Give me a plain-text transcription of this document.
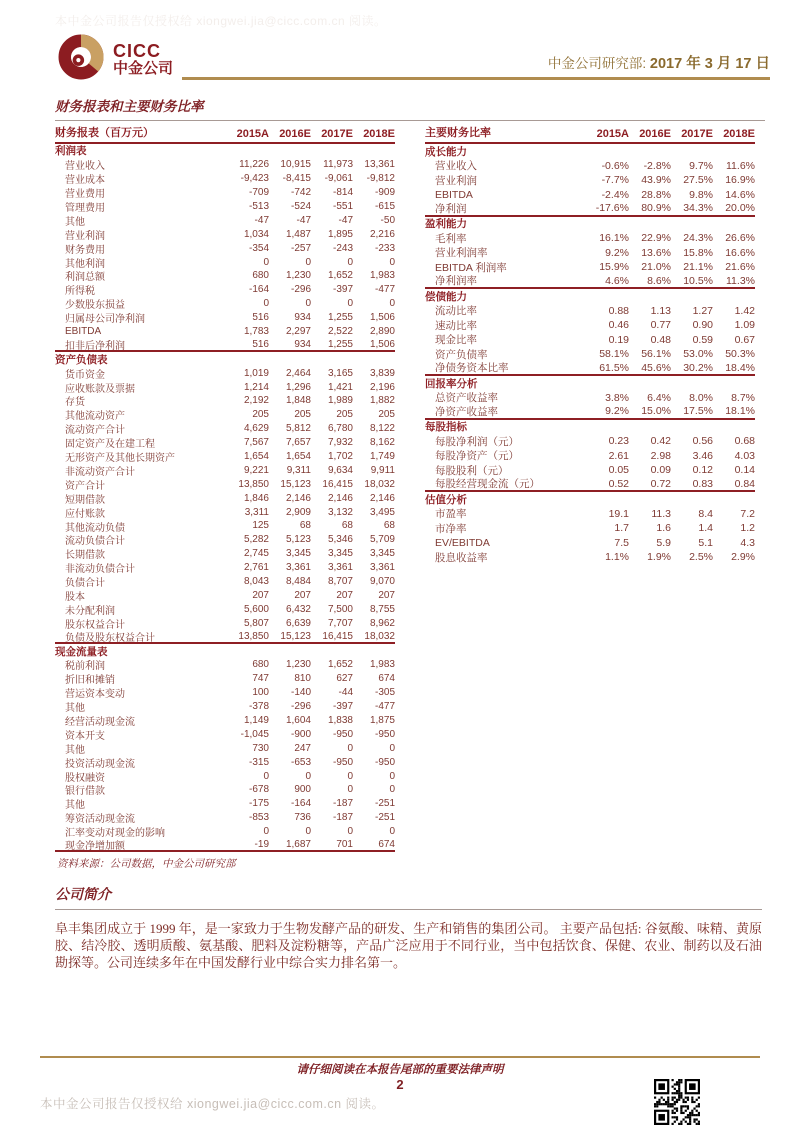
本中金公司报告仅授权给 xiongwei.jia@cicc.com.cn 阅读。
CICC
中金公司	中金公司研究部: 2017 年 3 月 17 日
财务报表和主要财务比率
财务报表（百万元）	2015A 2016E 2017E 2018E
利润表
营业收入	11,226	10,915	11,973	13,361
营业成本	-9,423	-8,415	-9,061	-9,812
营业费用	-709	-742	-814	-909
管理费用	-513	-524	-551	-615
其他	-47	-47	-47	-50
营业利润	1,034	1,487	1,895	2,216
财务费用	-354	-257	-243	-233
其他利润	0	0	0	0
利润总额	680	1,230	1,652	1,983
所得税	-164	-296	-397	-477
少数股东损益	0	0	0	0
归属母公司净利润	516	934	1,255	1,506
EBITDA	1,783	2,297	2,522	2,890
扣非后净利润	516	934	1,255	1,506
资产负债表
货币资金	1,019	2,464	3,165	3,839
应收账款及票据	1,214	1,296	1,421	2,196
存货	2,192	1,848	1,989	1,882
其他流动资产	205	205	205	205
流动资产合计	4,629	5,812	6,780	8,122
固定资产及在建工程	7,567	7,657	7,932	8,162
无形资产及其他长期资产	1,654	1,654	1,702	1,749
非流动资产合计	9,221	9,311	9,634	9,911
资产合计	13,850	15,123	16,415	18,032
短期借款	1,846	2,146	2,146	2,146
应付账款	3,311	2,909	3,132	3,495
其他流动负债	125	68	68	68
流动负债合计	5,282	5,123	5,346	5,709
长期借款	2,745	3,345	3,345	3,345
非流动负债合计	2,761	3,361	3,361	3,361
负债合计	8,043	8,484	8,707	9,070
股本	207	207	207	207
未分配利润	5,600	6,432	7,500	8,755
股东权益合计	5,807	6,639	7,707	8,962
负债及股东权益合计	13,850	15,123	16,415	18,032
现金流量表
税前利润	680	1,230	1,652	1,983
折旧和摊销	747	810	627	674
营运资本变动	100	-140	-44	-305
其他	-378	-296	-397	-477
经营活动现金流	1,149	1,604	1,838	1,875
资本开支	-1,045	-900	-950	-950
其他	730	247	0	0
投资活动现金流	-315	-653	-950	-950
股权融资	0	0	0	0
银行借款	-678	900	0	0
其他	-175	-164	-187	-251
筹资活动现金流	-853	736	-187	-251
汇率变动对现金的影响	0	0	0	0
现金净增加额	-19	1,687	701	674
主要财务比率	2015A 2016E 2017E 2018E
成长能力
营业收入	-0.6%	-2.8%	9.7%	11.6%
营业利润	-7.7%	43.9%	27.5%	16.9%
EBITDA	-2.4%	28.8%	9.8%	14.6%
净利润	-17.6%	80.9%	34.3%	20.0%
盈利能力
毛利率	16.1%	22.9%	24.3%	26.6%
营业利润率	9.2%	13.6%	15.8%	16.6%
EBITDA 利润率	15.9%	21.0%	21.1%	21.6%
净利润率	4.6%	8.6%	10.5%	11.3%
偿债能力
流动比率	0.88	1.13	1.27	1.42
速动比率	0.46	0.77	0.90	1.09
现金比率	0.19	0.48	0.59	0.67
资产负债率	58.1%	56.1%	53.0%	50.3%
净债务资本比率	61.5%	45.6%	30.2%	18.4%
回报率分析
总资产收益率	3.8%	6.4%	8.0%	8.7%
净资产收益率	9.2%	15.0%	17.5%	18.1%
每股指标
每股净利润（元）	0.23	0.42	0.56	0.68
每股净资产（元）	2.61	2.98	3.46	4.03
每股股利（元）	0.05	0.09	0.12	0.14
每股经营现金流（元）	0.52	0.72	0.83	0.84
估值分析
市盈率	19.1	11.3	8.4	7.2
市净率	1.7	1.6	1.4	1.2
EV/EBITDA	7.5	5.9	5.1	4.3
股息收益率	1.1%	1.9%	2.5%	2.9%
资料来源：公司数据，中金公司研究部
公司简介
阜丰集团成立于 1999 年，是一家致力于生物发酵产品的研发、生产和销售的集团公司。 主要产品包括: 谷氨酸、味精、黄原胶、结冷胶、透明质酸、氨基酸、肥料及淀粉糖等，产品广泛应用于不同行业，当中包括饮食、保健、农业、制药以及石油 勘探等。公司连续多年在中国发酵行业中综合实力排名第一。
请仔细阅读在本报告尾部的重要法律声明
2
本中金公司报告仅授权给 xiongwei.jia@cicc.com.cn 阅读。
